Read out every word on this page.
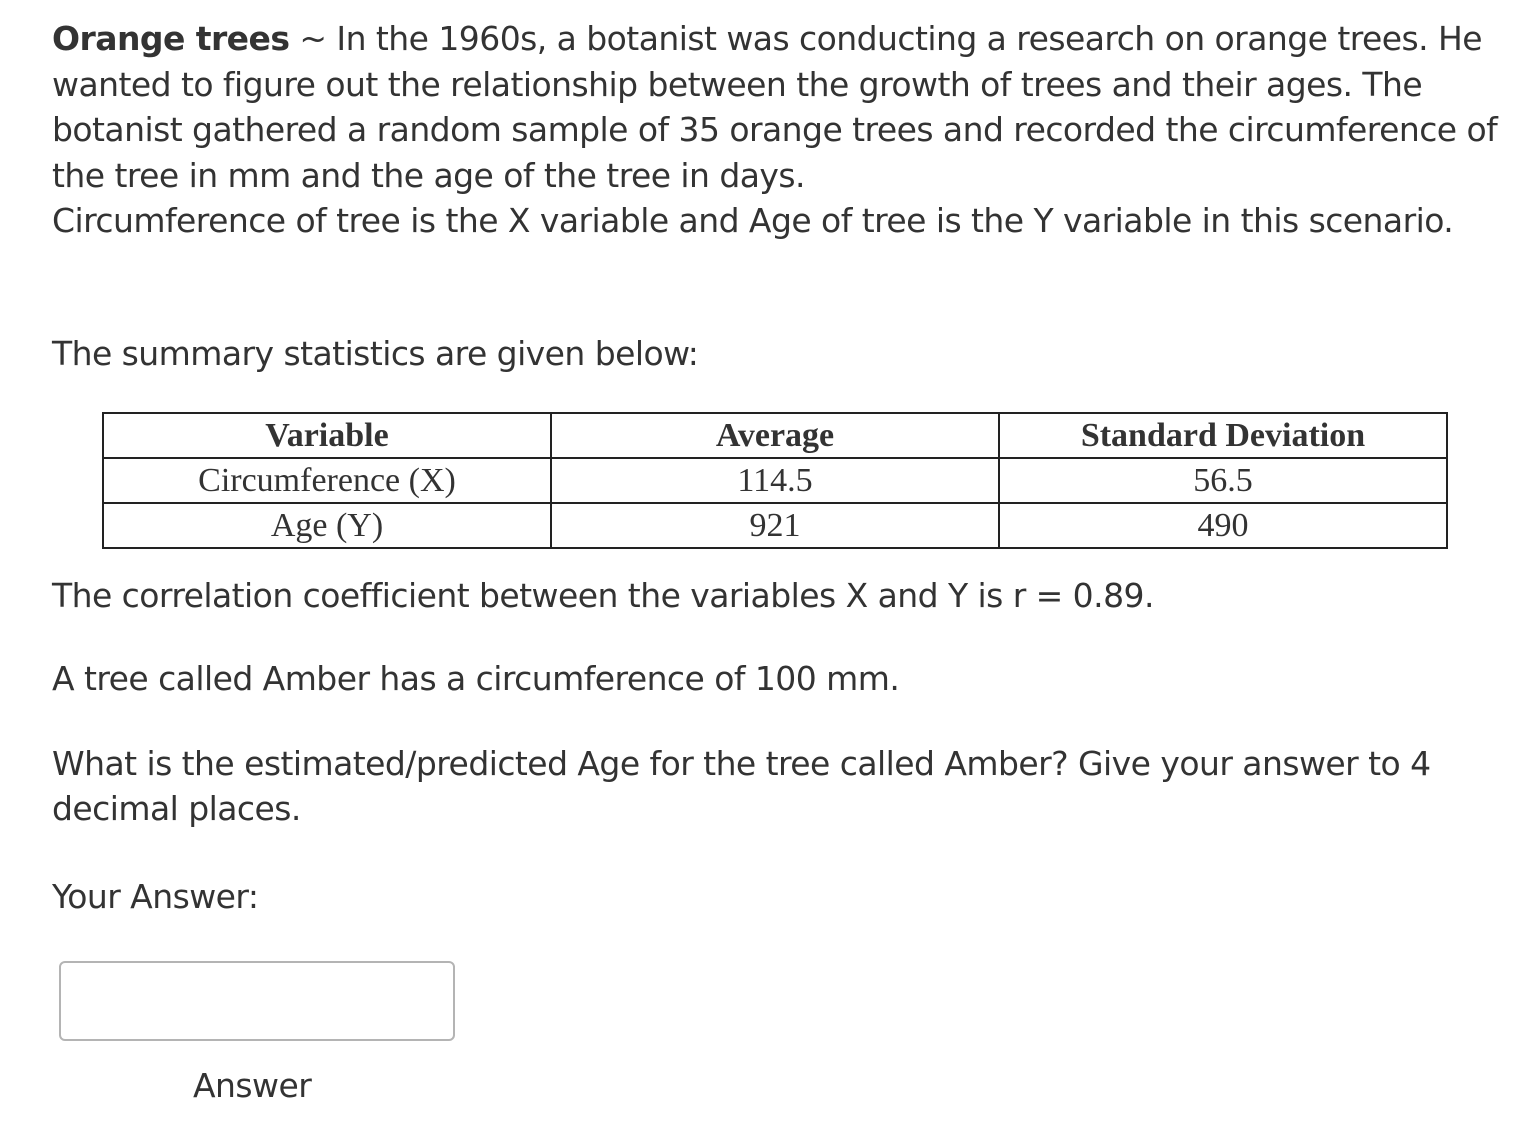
Orange trees ~ In the 1960s, a botanist was conducting a research on orange trees. He wanted to figure out the relationship between the growth of trees and their ages. The botanist gathered a random sample of 35 orange trees and recorded the circumference of the tree in mm and the age of the tree in days.
Circumference of tree is the X variable and Age of tree is the Y variable in this scenario.

The summary statistics are given below:

Variable	Average	Standard Deviation
Circumference (X)	114.5	56.5
Age (Y)	921	490

The correlation coefficient between the variables X and Y is r = 0.89.

A tree called Amber has a circumference of 100 mm.

What is the estimated/predicted Age for the tree called Amber? Give your answer to 4 decimal places.

Your Answer:

Answer
